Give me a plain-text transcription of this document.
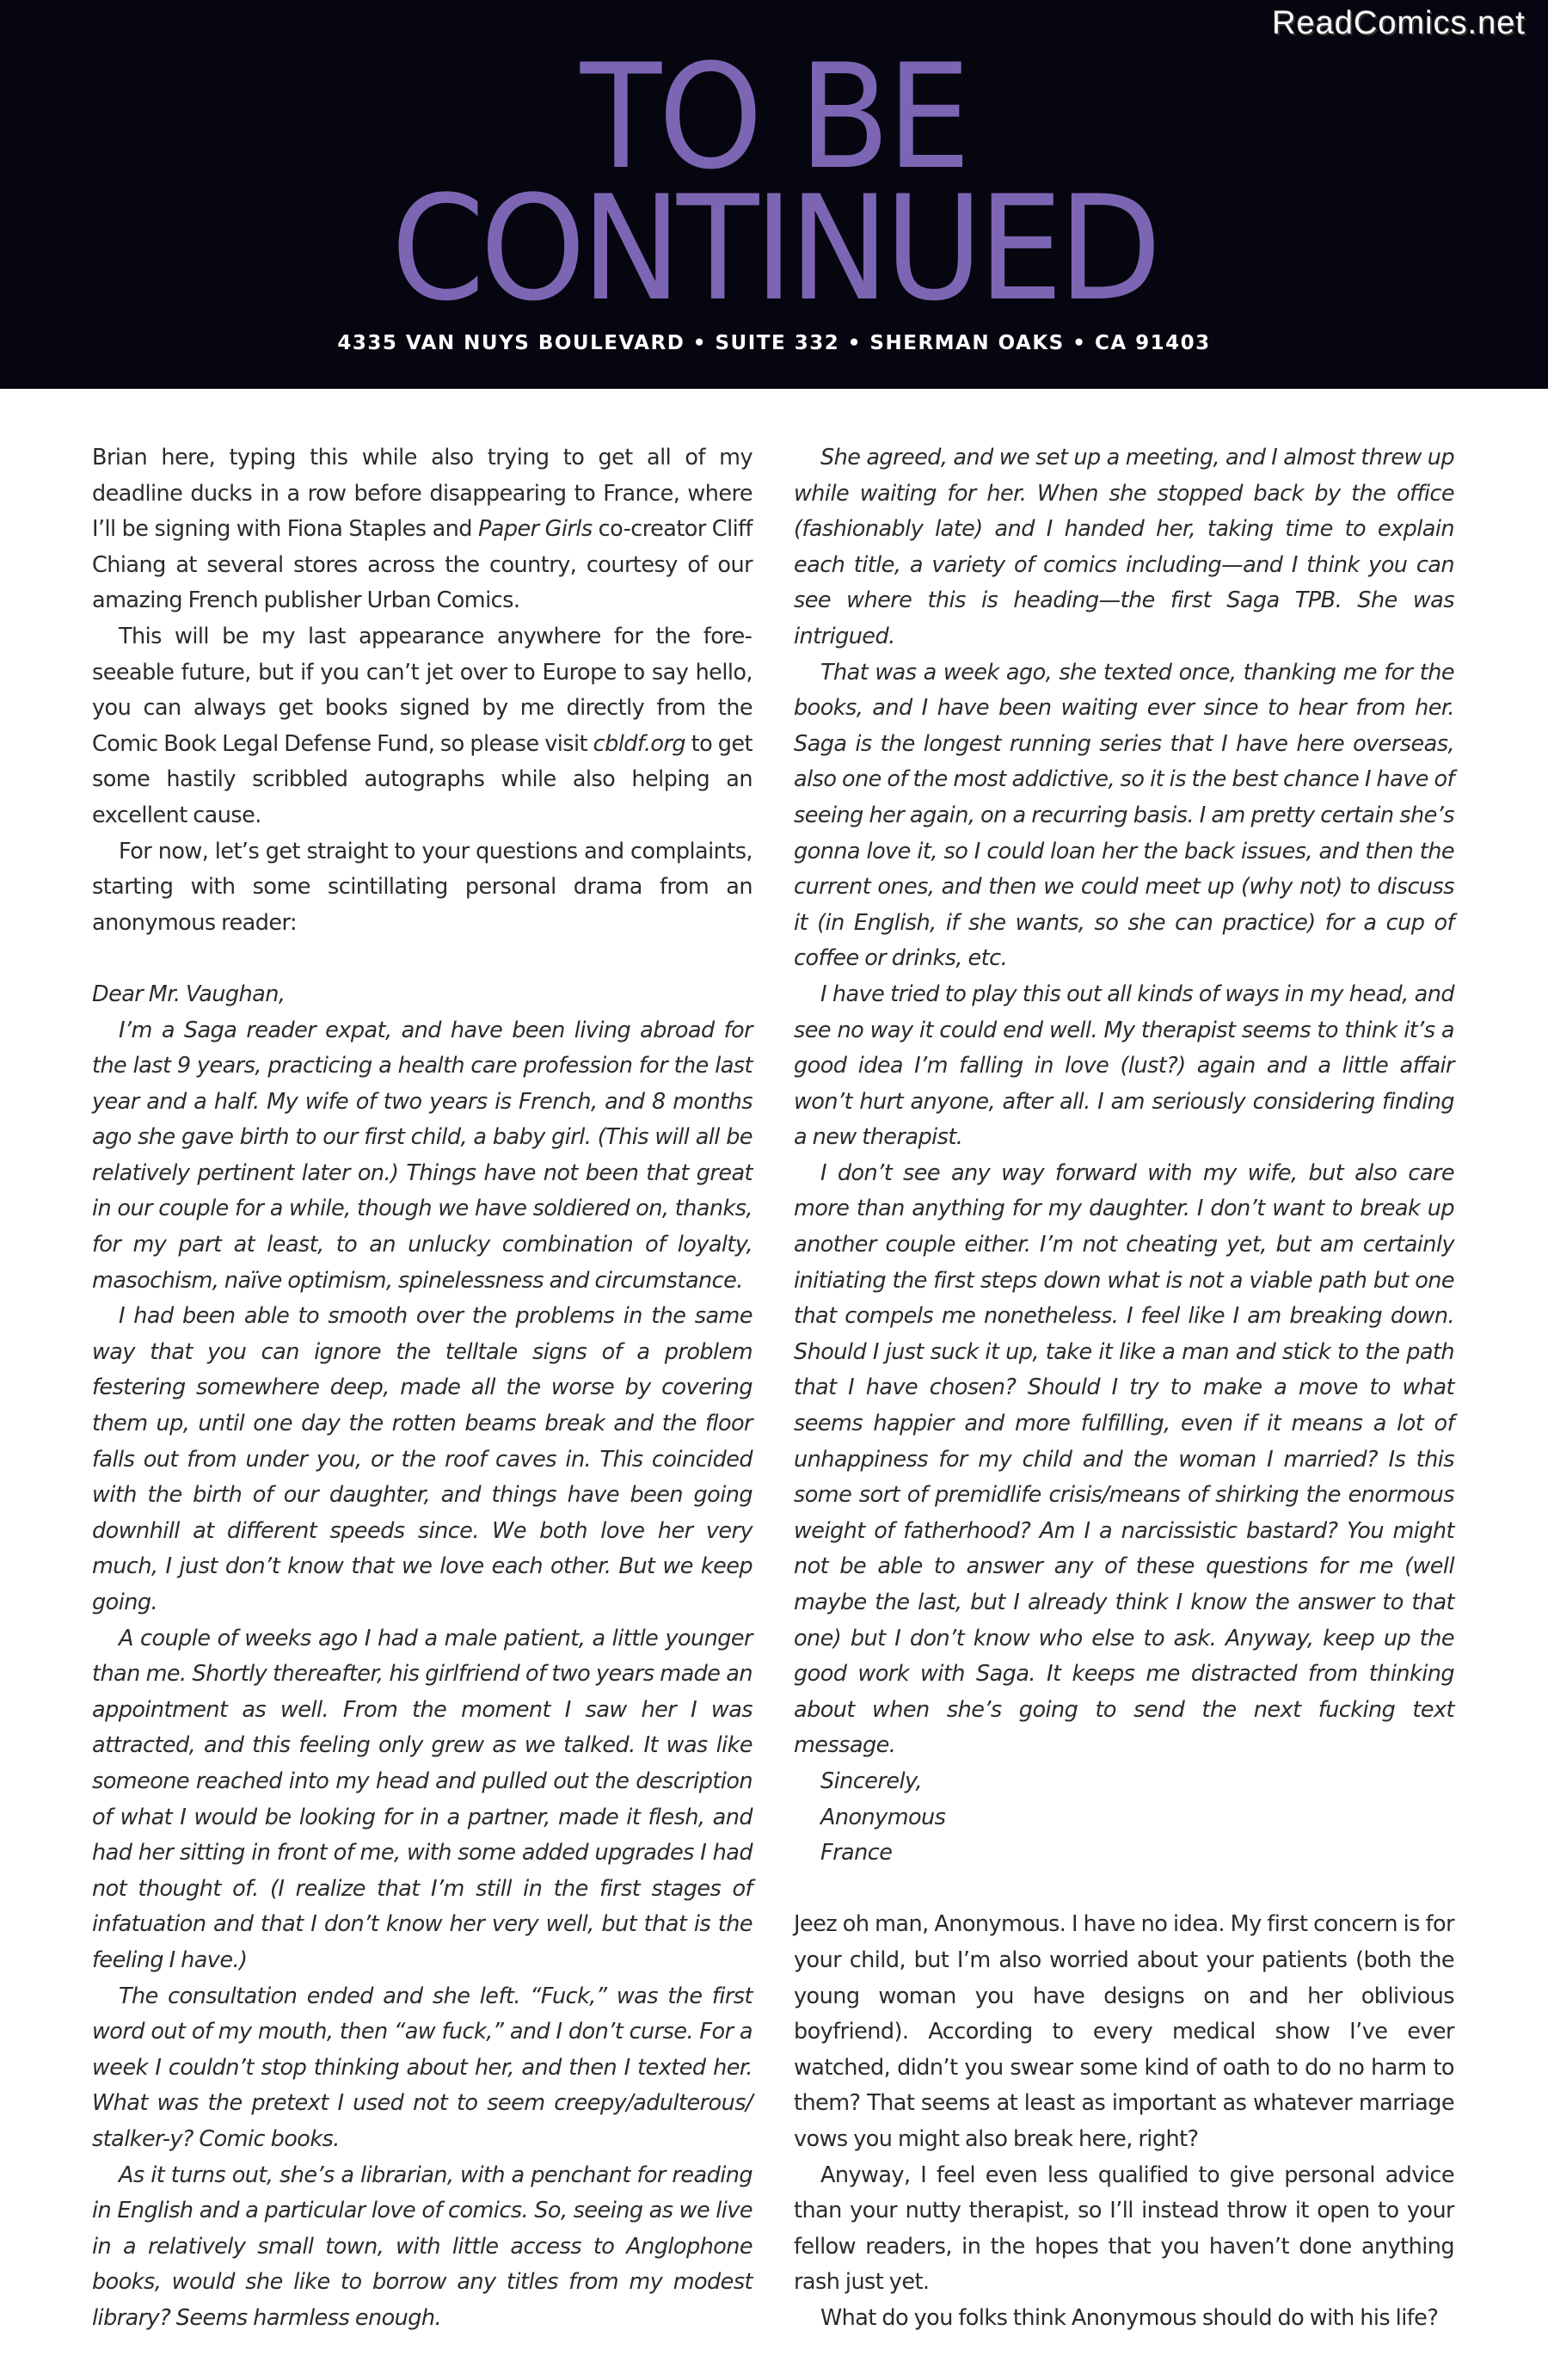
ReadComics.net
TO BE
CONTINUED
4335 VAN NUYS BOULEVARD • SUITE 332 • SHERMAN OAKS • CA 91403

Brian here, typing this while also trying to get all of my deadline ducks in a row before disappearing to France, where I’ll be signing with Fiona Staples and Paper Girls co-creator Cliff Chiang at several stores across the country, courtesy of our amazing French publisher Urban Comics.

This will be my last appearance anywhere for the foreseeable future, but if you can’t jet over to Europe to say hello, you can always get books signed by me directly from the Comic Book Legal Defense Fund, so please visit cbldf.org to get some hastily scribbled autographs while also helping an excellent cause.

For now, let’s get straight to your questions and complaints, starting with some scintillating personal drama from an anonymous reader:

Dear Mr. Vaughan,

I’m a Saga reader expat, and have been living abroad for the last 9 years, practicing a health care profession for the last year and a half. My wife of two years is French, and 8 months ago she gave birth to our first child, a baby girl. (This will all be relatively pertinent later on.) Things have not been that great in our couple for a while, though we have soldiered on, thanks, for my part at least, to an unlucky combination of loyalty, masochism, naïve optimism, spinelessness and circumstance.

I had been able to smooth over the problems in the same way that you can ignore the telltale signs of a problem festering somewhere deep, made all the worse by covering them up, until one day the rotten beams break and the floor falls out from under you, or the roof caves in. This coincided with the birth of our daughter, and things have been going downhill at different speeds since. We both love her very much, I just don’t know that we love each other. But we keep going.

A couple of weeks ago I had a male patient, a little younger than me. Shortly thereafter, his girlfriend of two years made an appointment as well. From the moment I saw her I was attracted, and this feeling only grew as we talked. It was like someone reached into my head and pulled out the description of what I would be looking for in a partner, made it flesh, and had her sitting in front of me, with some added upgrades I had not thought of. (I realize that I’m still in the first stages of infatuation and that I don’t know her very well, but that is the feeling I have.)

The consultation ended and she left. “Fuck,” was the first word out of my mouth, then “aw fuck,” and I don’t curse. For a week I couldn’t stop thinking about her, and then I texted her. What was the pretext I used not to seem creepy/adulterous/ stalker-y? Comic books.

As it turns out, she’s a librarian, with a penchant for reading in English and a particular love of comics. So, seeing as we live in a relatively small town, with little access to Anglophone books, would she like to borrow any titles from my modest library? Seems harmless enough.

She agreed, and we set up a meeting, and I almost threw up while waiting for her. When she stopped back by the office (fashionably late) and I handed her, taking time to explain each title, a variety of comics including—and I think you can see where this is heading—the first Saga TPB. She was intrigued.

That was a week ago, she texted once, thanking me for the books, and I have been waiting ever since to hear from her. Saga is the longest running series that I have here overseas, also one of the most addictive, so it is the best chance I have of seeing her again, on a recurring basis. I am pretty certain she’s gonna love it, so I could loan her the back issues, and then the current ones, and then we could meet up (why not) to discuss it (in English, if she wants, so she can practice) for a cup of coffee or drinks, etc.

I have tried to play this out all kinds of ways in my head, and see no way it could end well. My therapist seems to think it’s a good idea I’m falling in love (lust?) again and a little affair won’t hurt anyone, after all. I am seriously considering finding a new therapist.

I don’t see any way forward with my wife, but also care more than anything for my daughter. I don’t want to break up another couple either. I’m not cheating yet, but am certainly initiating the first steps down what is not a viable path but one that compels me nonetheless. I feel like I am breaking down. Should I just suck it up, take it like a man and stick to the path that I have chosen? Should I try to make a move to what seems happier and more fulfilling, even if it means a lot of unhappiness for my child and the woman I married? Is this some sort of premidlife crisis/means of shirking the enormous weight of fatherhood? Am I a narcissistic bastard? You might not be able to answer any of these questions for me (well maybe the last, but I already think I know the answer to that one) but I don’t know who else to ask. Anyway, keep up the good work with Saga. It keeps me distracted from thinking about when she’s going to send the next fucking text message.

Sincerely,

Anonymous

France

Jeez oh man, Anonymous. I have no idea. My first concern is for your child, but I’m also worried about your patients (both the young woman you have designs on and her oblivious boyfriend). According to every medical show I’ve ever watched, didn’t you swear some kind of oath to do no harm to them? That seems at least as important as whatever marriage vows you might also break here, right?

Anyway, I feel even less qualified to give personal advice than your nutty therapist, so I’ll instead throw it open to your fellow readers, in the hopes that you haven’t done anything rash just yet.

What do you folks think Anonymous should do with his life?
